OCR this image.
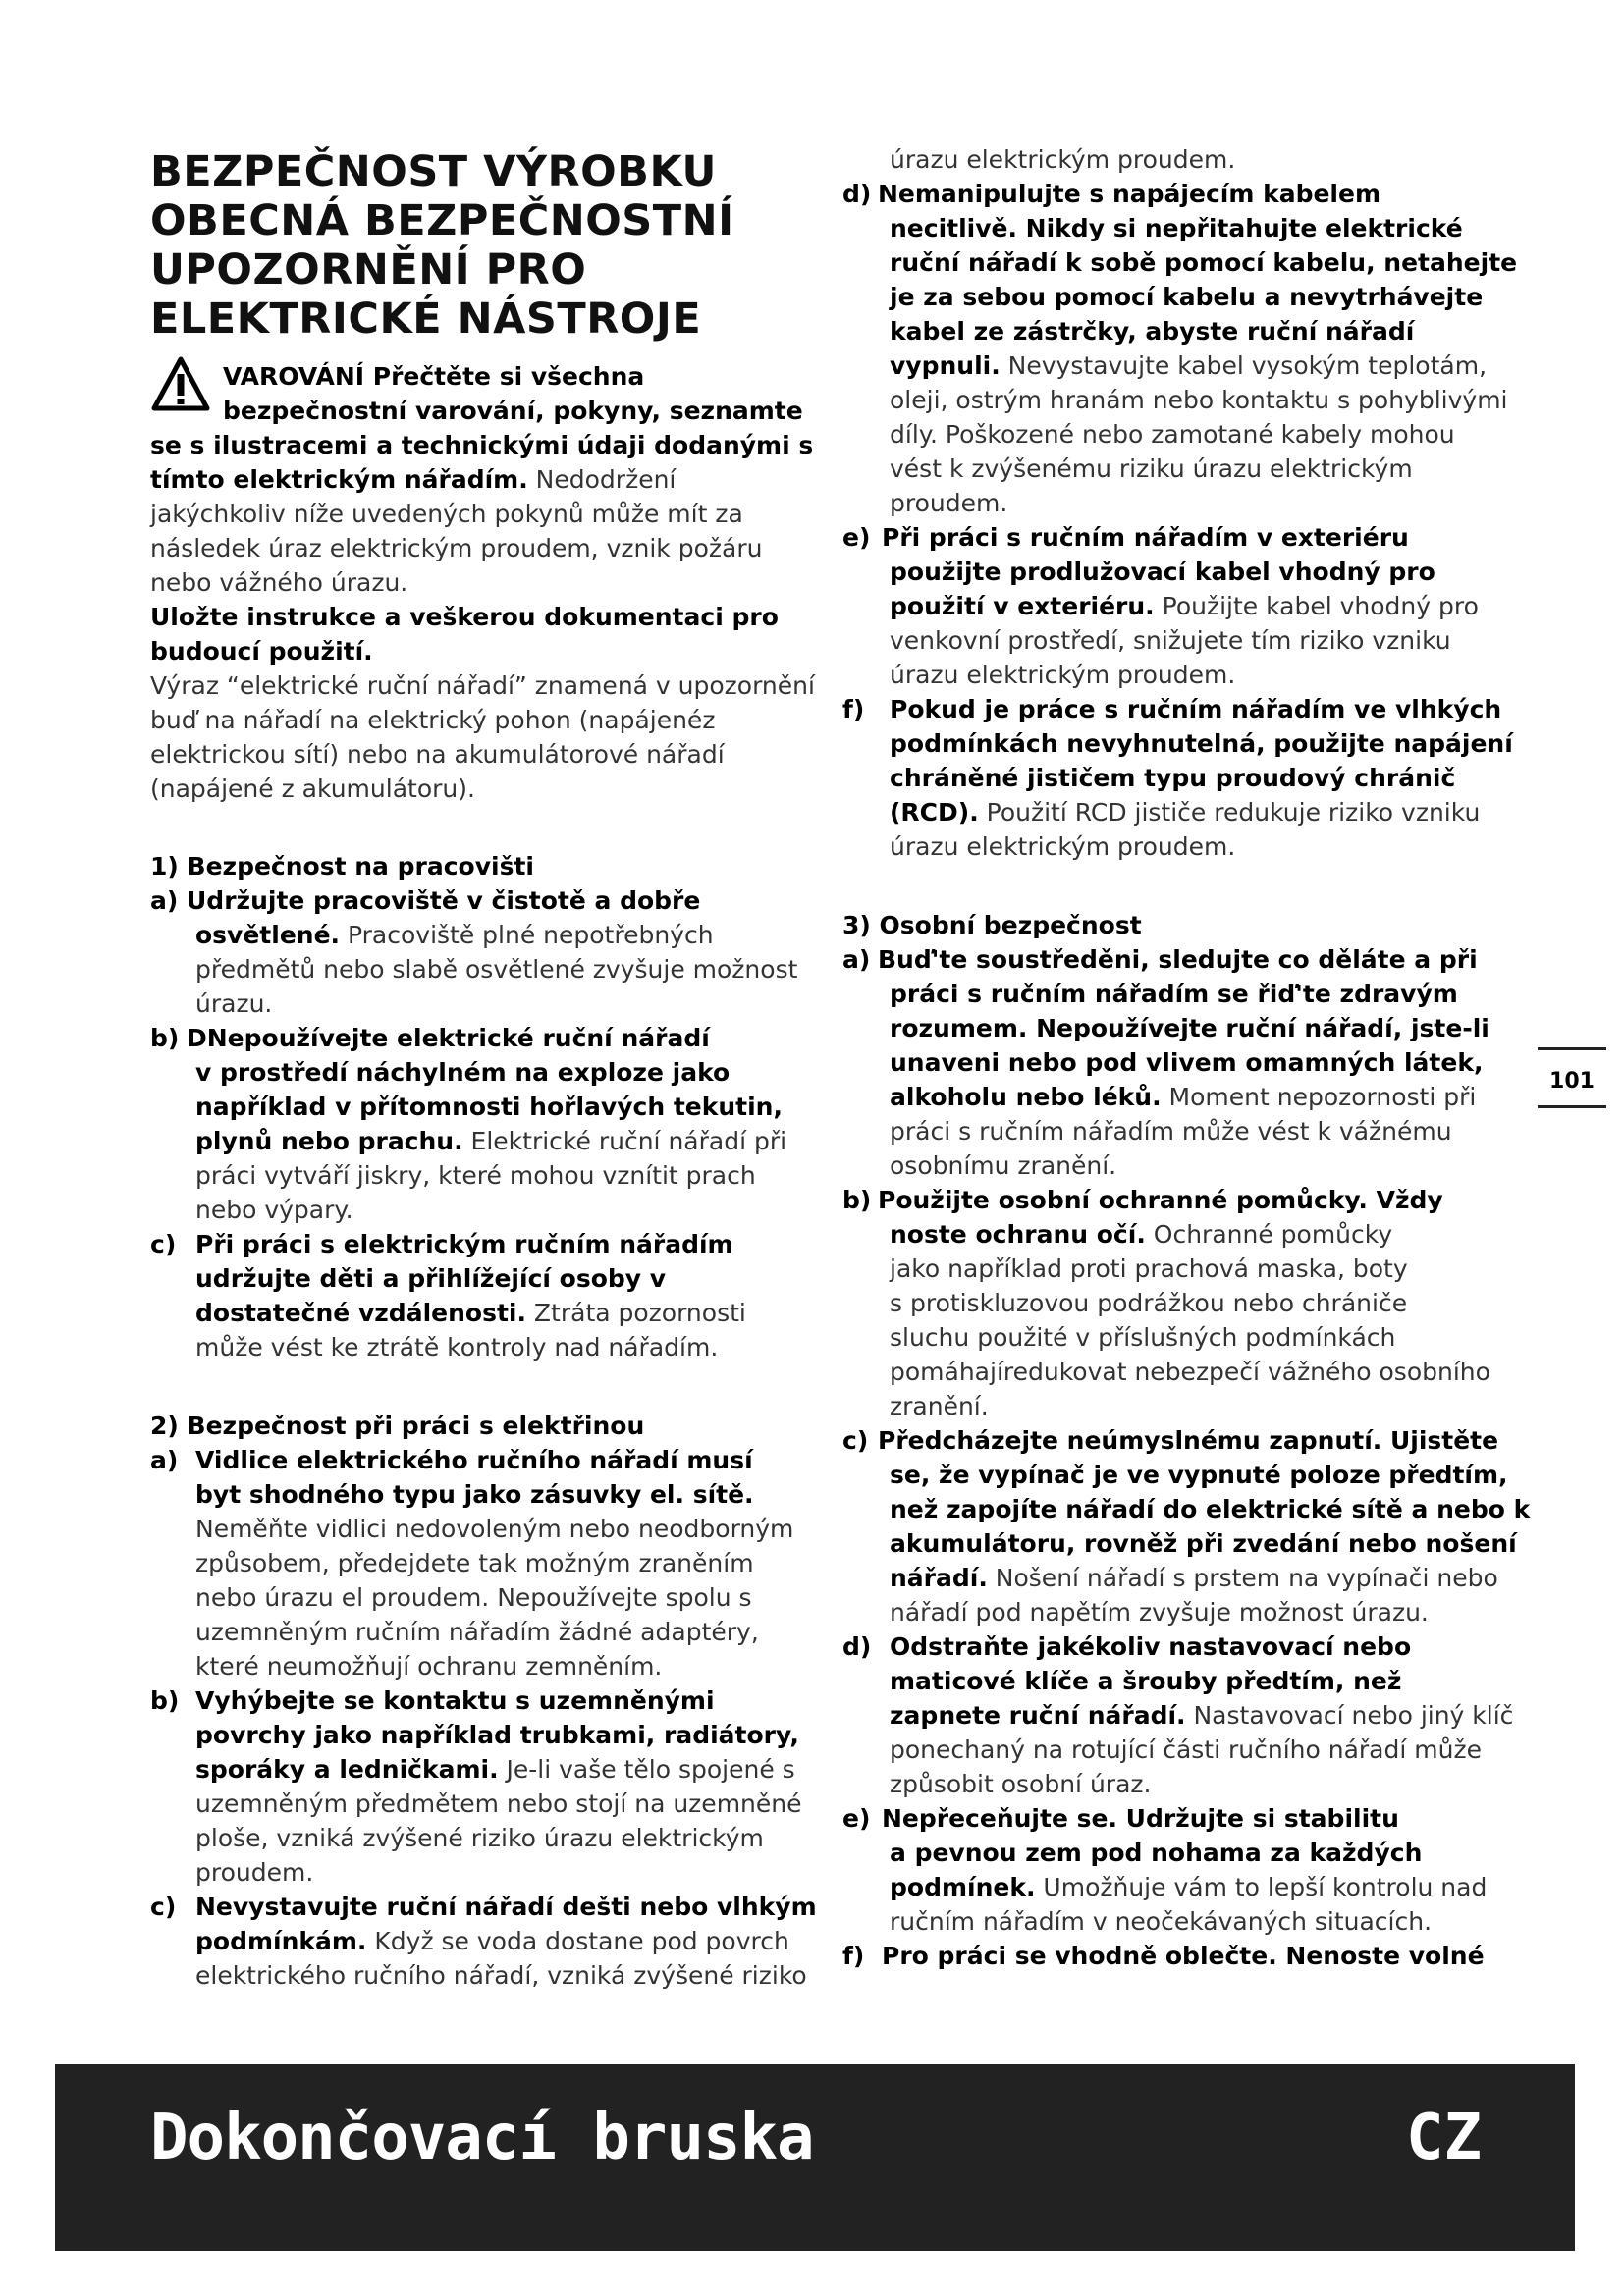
BEZPEČNOST VÝROBKU
OBECNÁ BEZPEČNOSTNÍ
UPOZORNĚNÍ PRO
ELEKTRICKÉ NÁSTROJE
VAROVÁNÍ Přečtěte si všechna
bezpečnostní varování, pokyny, seznamte
se s ilustracemi a technickými údaji dodanými s
tímto elektrickým nářadím. Nedodržení
jakýchkoliv níže uvedených pokynů může mít za
následek úraz elektrickým proudem, vznik požáru
nebo vážného úrazu.
Uložte instrukce a veškerou dokumentaci pro
budoucí použití.
Výraz “elektrické ruční nářadí” znamená v upozornění
buď na nářadí na elektrický pohon (napájenéz
elektrickou sítí) nebo na akumulátorové nářadí
(napájené z akumulátoru).
1) Bezpečnost na pracovišti
a) Udržujte pracoviště v čistotě a dobře
osvětlené. Pracoviště plné nepotřebných
předmětů nebo slabě osvětlené zvyšuje možnost
úrazu.
b) DNepoužívejte elektrické ruční nářadí
v prostředí náchylném na exploze jako
například v přítomnosti hořlavých tekutin,
plynů nebo prachu. Elektrické ruční nářadí při
práci vytváří jiskry, které mohou vznítit prach
nebo výpary.
c) Při práci s elektrickým ručním nářadím
udržujte děti a přihlížející osoby v
dostatečné vzdálenosti. Ztráta pozornosti
může vést ke ztrátě kontroly nad nářadím.
2) Bezpečnost při práci s elektřinou
a) Vidlice elektrického ručního nářadí musí
byt shodného typu jako zásuvky el. sítě.
Neměňte vidlici nedovoleným nebo neodborným
způsobem, předejdete tak možným zraněním
nebo úrazu el proudem. Nepoužívejte spolu s
uzemněným ručním nářadím žádné adaptéry,
které neumožňují ochranu zemněním.
b) Vyhýbejte se kontaktu s uzemněnými
povrchy jako například trubkami, radiátory,
sporáky a ledničkami. Je-li vaše tělo spojené s
uzemněným předmětem nebo stojí na uzemněné
ploše, vzniká zvýšené riziko úrazu elektrickým
proudem.
c) Nevystavujte ruční nářadí dešti nebo vlhkým
podmínkám. Když se voda dostane pod povrch
elektrického ručního nářadí, vzniká zvýšené riziko
úrazu elektrickým proudem.
d) Nemanipulujte s napájecím kabelem
necitlivě. Nikdy si nepřitahujte elektrické
ruční nářadí k sobě pomocí kabelu, netahejte
je za sebou pomocí kabelu a nevytrhávejte
kabel ze zástrčky, abyste ruční nářadí
vypnuli. Nevystavujte kabel vysokým teplotám,
oleji, ostrým hranám nebo kontaktu s pohyblivými
díly. Poškozené nebo zamotané kabely mohou
vést k zvýšenému riziku úrazu elektrickým
proudem.
e) Při práci s ručním nářadím v exteriéru
použijte prodlužovací kabel vhodný pro
použití v exteriéru. Použijte kabel vhodný pro
venkovní prostředí, snižujete tím riziko vzniku
úrazu elektrickým proudem.
f) Pokud je práce s ručním nářadím ve vlhkých
podmínkách nevyhnutelná, použijte napájení
chráněné jističem typu proudový chránič
(RCD). Použití RCD jističe redukuje riziko vzniku
úrazu elektrickým proudem.
3) Osobní bezpečnost
a) Buď'te soustředěni, sledujte co děláte a při
práci s ručním nářadím se řiď'te zdravým
rozumem. Nepoužívejte ruční nářadí, jste-li
unaveni nebo pod vlivem omamných látek,
alkoholu nebo léků. Moment nepozornosti při
práci s ručním nářadím může vést k vážnému
osobnímu zranění.
b) Použijte osobní ochranné pomůcky. Vždy
noste ochranu očí. Ochranné pomůcky
jako například proti prachová maska, boty
s protiskluzovou podrážkou nebo chrániče
sluchu použité v příslušných podmínkách
pomáhajíredukovat nebezpečí vážného osobního
zranění.
c) Předcházejte neúmyslnému zapnutí. Ujistěte
se, že vypínač je ve vypnuté poloze předtím,
než zapojíte nářadí do elektrické sítě a nebo k
akumulátoru, rovněž při zvedání nebo nošení
nářadí. Nošení nářadí s prstem na vypínači nebo
nářadí pod napětím zvyšuje možnost úrazu.
d) Odstraňte jakékoliv nastavovací nebo
maticové klíče a šrouby předtím, než
zapnete ruční nářadí. Nastavovací nebo jiný klíč
ponechaný na rotující části ručního nářadí může
způsobit osobní úraz.
e) Nepřeceňujte se. Udržujte si stabilitu
a pevnou zem pod nohama za každých
podmínek. Umožňuje vám to lepší kontrolu nad
ručním nářadím v neočekávaných situacích.
f) Pro práci se vhodně oblečte. Nenoste volné
101
Dokončovací bruska	CZ
